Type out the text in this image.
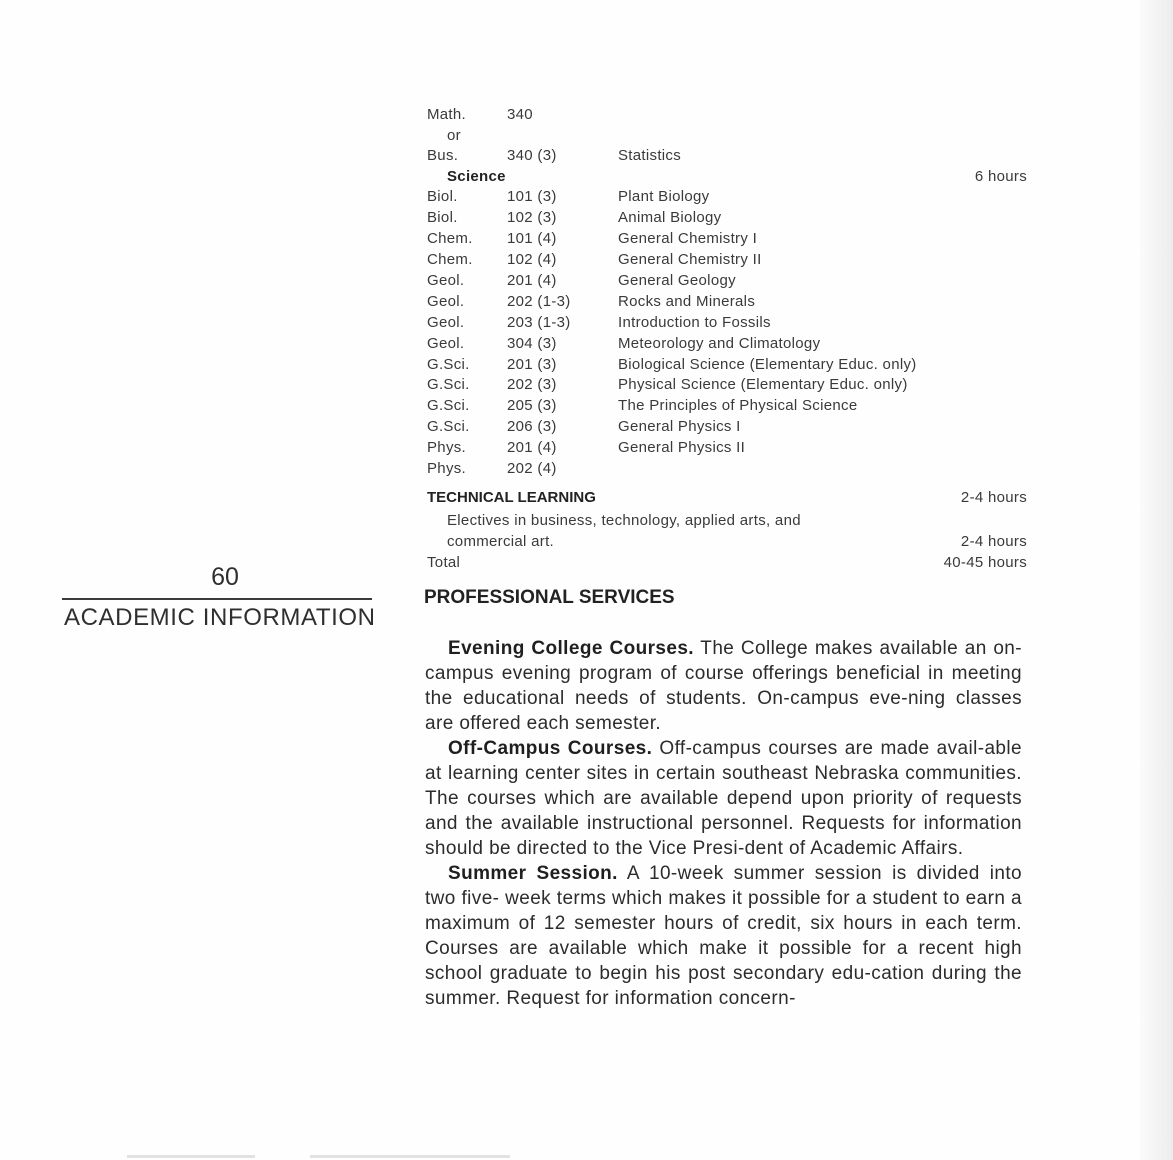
60
ACADEMIC INFORMATION
Math.	340
or
Bus.	340 (3)	Statistics
Science	6 hours
Biol.	101 (3)	Plant Biology
Biol.	102 (3)	Animal Biology
Chem. 101 (4)	General Chemistry I
Chem. 102 (4)	General Chemistry II
Geol.	201 (4)	General Geology
Geol.	202 (1-3)	Rocks and Minerals
Geol.	203 (1-3)	Introduction to Fossils
Geol.	304 (3)	Meteorology and Climatology
G.Sci. 201 (3)	Biological Science (Elementary Educ. only)
G.Sci. 202 (3)	Physical Science (Elementary Educ. only)
G.Sci. 205 (3)	The Principles of Physical Science
G.Sci. 206 (3)	General Physics I
Phys.	201 (4)	General Physics II
Phys.	202 (4)
TECHNICAL LEARNING	2-4 hours
Electives in business, technology, applied arts, and
commercial art.	2-4 hours
Total	40-45 hours
PROFESSIONAL SERVICES

Evening College Courses. The College makes available an on-campus evening program of course offerings beneficial in meeting the educational needs of students. On-campus eve-ning classes are offered each semester.

Off-Campus Courses. Off-campus courses are made avail-able at learning center sites in certain southeast Nebraska communities. The courses which are available depend upon priority of requests and the available instructional personnel. Requests for information should be directed to the Vice Presi-dent of Academic Affairs.

Summer Session. A 10-week summer session is divided into two five- week terms which makes it possible for a student to earn a maximum of 12 semester hours of credit, six hours in each term. Courses are available which make it possible for a recent high school graduate to begin his post secondary edu-cation during the summer. Request for information concern-
